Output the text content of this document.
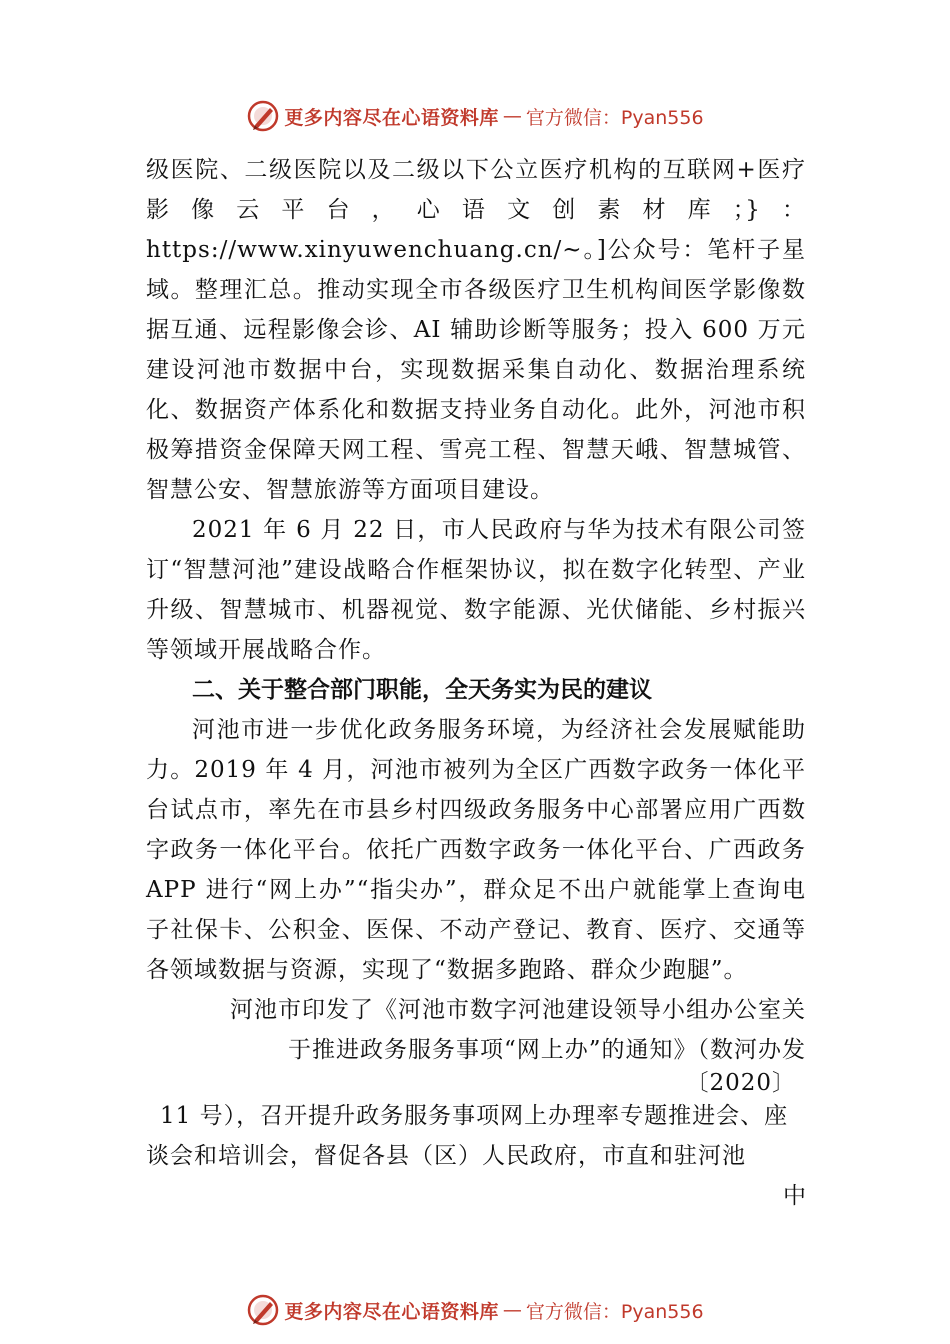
更多内容尽在心语资料库 — 官方微信：Pyan556

级医院、二级医院以及二级以下公立医疗机构的互联网+医疗影像云平台，心语文创素材库；}：https://www.xinyuwenchuang.cn/~。]公众号：笔杆子星域。整理汇总。推动实现全市各级医疗卫生机构间医学影像数据互通、远程影像会诊、AI 辅助诊断等服务；投入 600 万元建设河池市数据中台，实现数据采集自动化、数据治理系统化、数据资产体系化和数据支持业务自动化。此外，河池市积极筹措资金保障天网工程、雪亮工程、智慧天峨、智慧城管、智慧公安、智慧旅游等方面项目建设。

2021 年 6 月 22 日，市人民政府与华为技术有限公司签订“智慧河池”建设战略合作框架协议，拟在数字化转型、产业升级、智慧城市、机器视觉、数字能源、光伏储能、乡村振兴等领域开展战略合作。

二、关于整合部门职能，全天务实为民的建议

河池市进一步优化政务服务环境，为经济社会发展赋能助力。2019 年 4 月，河池市被列为全区广西数字政务一体化平台试点市，率先在市县乡村四级政务服务中心部署应用广西数字政务一体化平台。依托广西数字政务一体化平台、广西政务 APP 进行“网上办”“指尖办”，群众足不出户就能掌上查询电子社保卡、公积金、医保、不动产登记、教育、医疗、交通等各领域数据与资源，实现了“数据多跑路、群众少跑腿”。

河池市印发了《河池市数字河池建设领导小组办公室关
于推进政务服务事项“网上办”的通知》（数河办发
〔2020〕

11 号），召开提升政务服务事项网上办理率专题推进会、座谈会和培训会，督促各县（区）人民政府，市直和驻河池

中

更多内容尽在心语资料库 — 官方微信：Pyan556
